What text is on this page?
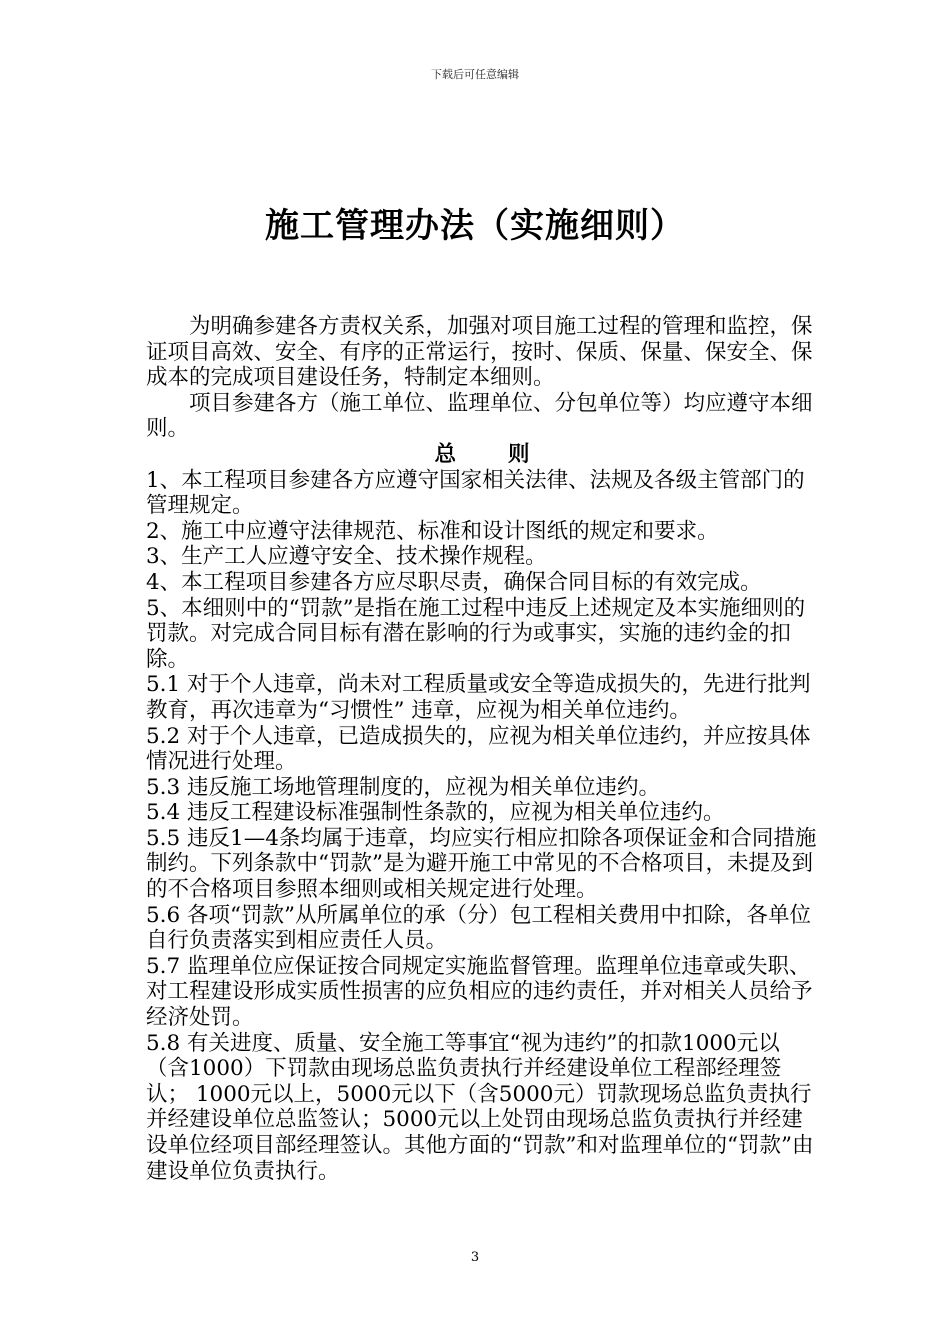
下载后可任意编辑
施工管理办法（实施细则）

为明确参建各方责权关系，加强对项目施工过程的管理和监控，保证项目高效、安全、有序的正常运行，按时、保质、保量、保安全、保成本的完成项目建设任务，特制定本细则。

项目参建各方（施工单位、监理单位、分包单位等）均应遵守本细则。

总 则

1、本工程项目参建各方应遵守国家相关法律、法规及各级主管部门的管理规定。

2、施工中应遵守法律规范、标准和设计图纸的规定和要求。

3、生产工人应遵守安全、技术操作规程。

4、本工程项目参建各方应尽职尽责，确保合同目标的有效完成。

5、本细则中的“罚款”是指在施工过程中违反上述规定及本实施细则的罚款。对完成合同目标有潜在影响的行为或事实，实施的违约金的扣除。

5.1 对于个人违章，尚未对工程质量或安全等造成损失的，先进行批判教育，再次违章为“习惯性” 违章，应视为相关单位违约。

5.2 对于个人违章，已造成损失的，应视为相关单位违约，并应按具体情况进行处理。

5.3 违反施工场地管理制度的，应视为相关单位违约。

5.4 违反工程建设标准强制性条款的，应视为相关单位违约。

5.5 违反1—4条均属于违章，均应实行相应扣除各项保证金和合同措施制约。下列条款中“罚款”是为避开施工中常见的不合格项目，未提及到的不合格项目参照本细则或相关规定进行处理。

5.6 各项“罚款”从所属单位的承（分）包工程相关费用中扣除，各单位自行负责落实到相应责任人员。

5.7 监理单位应保证按合同规定实施监督管理。监理单位违章或失职、对工程建设形成实质性损害的应负相应的违约责任，并对相关人员给予经济处罚。

5.8 有关进度、质量、安全施工等事宜“视为违约”的扣款1000元以（含1000）下罚款由现场总监负责执行并经建设单位工程部经理签认； 1000元以上，5000元以下（含5000元）罚款现场总监负责执行并经建设单位总监签认；5000元以上处罚由现场总监负责执行并经建设单位经项目部经理签认。其他方面的“罚款”和对监理单位的“罚款”由建设单位负责执行。

3
